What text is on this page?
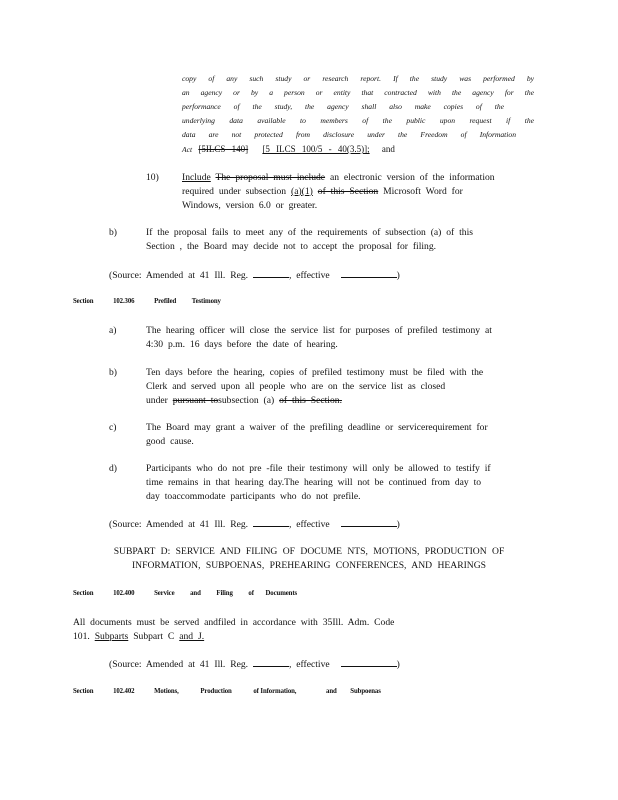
copy of any such study or research report. If the study was performed by
an agency or by a person or entity that contracted with the agency for the
performance of the study, the agency shall also make copies of the
underlying data available to members of the public upon request if the
data are not protected from disclosure under the Freedom of Information
Act [5ILCS 140] [5 ILCS 100/5 - 40(3.5)]; and
10) Include The proposal must include an electronic version of the information
required under subsection (a)(1) of this Section Microsoft Word for
Windows, version 6.0 or greater.
b)	If the proposal fails to meet any of the requirements of subsection (a) of this
Section , the Board may decide not to accept the proposal for filing.
(Source: Amended at 41 Ill. Reg.	, effective	)
Section	102.306	Prefiled Testimony
a)	The hearing officer will close the service list for purposes of prefiled testimony at
4:30 p.m. 16 days before the date of hearing.
b)	Ten days before the hearing, copies of prefiled testimony must be filed with the
Clerk and served upon all people who are on the service list as closed
under pursuant tosubsection (a) of this Section.
c)	The Board may grant a waiver of the prefiling deadline or servicerequirement for
good cause.
d)	Participants who do not pre -file their testimony will only be allowed to testify if
time remains in that hearing day.The hearing will not be continued from day to
day toaccommodate participants who do not prefile.
(Source: Amended at 41 Ill. Reg.	, effective	)
SUBPART D: SERVICE AND FILING OF DOCUME NTS, MOTIONS, PRODUCTION OF
INFORMATION, SUBPOENAS, PREHEARING CONFERENCES, AND HEARINGS
Section	102.400	Service and Filing of Documents
All documents must be served andfiled in accordance with 35Ill. Adm. Code
101. Subparts Subpart C and J.
(Source: Amended at 41 Ill. Reg.	, effective	)
Section	102.402	Motions,	Production	of Information,	and Subpoenas
